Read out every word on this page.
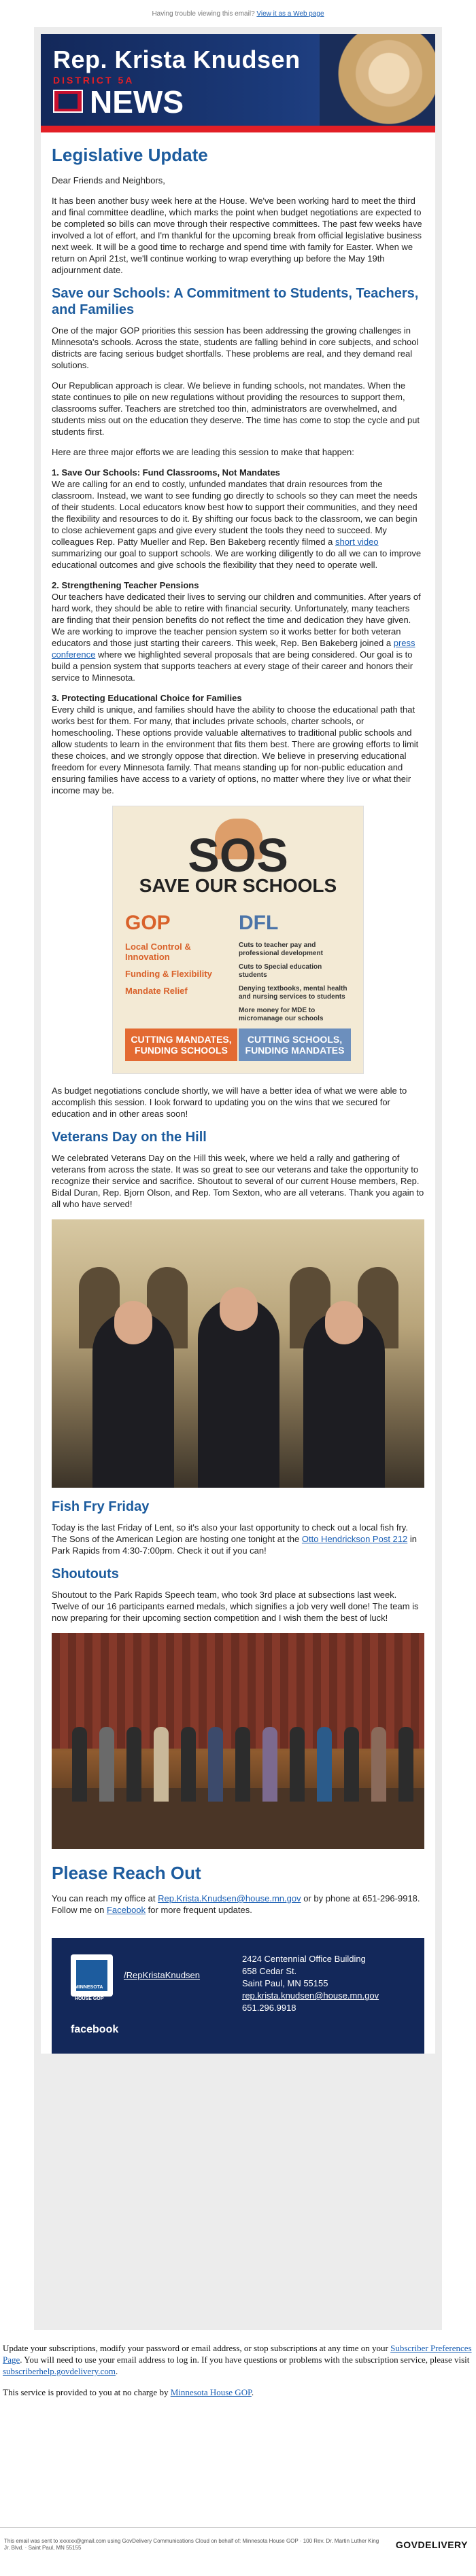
Having trouble viewing this email?
View it as a Web page
Rep. Krista Knudsen
DISTRICT 5A
NEWS
Legislative Update

Dear Friends and Neighbors,

It has been another busy week here at the House. We've been working hard to meet the third and final committee deadline, which marks the point when budget negotiations are expected to be completed so bills can move through their respective committees. The past few weeks have involved a lot of effort, and I'm thankful for the upcoming break from official legislative business next week. It will be a good time to recharge and spend time with family for Easter. When we return on April 21st, we'll continue working to wrap everything up before the May 19th adjournment date.

Save our Schools: A Commitment to Students, Teachers, and Families

One of the major GOP priorities this session has been addressing the growing challenges in Minnesota's schools. Across the state, students are falling behind in core subjects, and school districts are facing serious budget shortfalls. These problems are real, and they demand real solutions.

Our Republican approach is clear. We believe in funding schools, not mandates. When the state continues to pile on new regulations without providing the resources to support them, classrooms suffer. Teachers are stretched too thin, administrators are overwhelmed, and students miss out on the education they deserve. The time has come to stop the cycle and put students first.

Here are three major efforts we are leading this session to make that happen:

1. Save Our Schools: Fund Classrooms, Not Mandates

We are calling for an end to costly, unfunded mandates that drain resources from the classroom. Instead, we want to see funding go directly to schools so they can meet the needs of their students. Local educators know best how to support their communities, and they need the flexibility and resources to do it. By shifting our focus back to the classroom, we can begin to close achievement gaps and give every student the tools they need to succeed. My colleagues Rep. Patty Mueller and Rep. Ben Bakeberg recently filmed a short video summarizing our goal to support schools. We are working diligently to do all we can to improve educational outcomes and give schools the flexibility that they need to operate well.

2. Strengthening Teacher Pensions

Our teachers have dedicated their lives to serving our children and communities. After years of hard work, they should be able to retire with financial security. Unfortunately, many teachers are finding that their pension benefits do not reflect the time and dedication they have given. We are working to improve the teacher pension system so it works better for both veteran educators and those just starting their careers. This week, Rep. Ben Bakeberg joined a press conference where we highlighted several proposals that are being considered. Our goal is to build a pension system that supports teachers at every stage of their career and honors their service to Minnesota.

3. Protecting Educational Choice for Families

Every child is unique, and families should have the ability to choose the educational path that works best for them. For many, that includes private schools, charter schools, or homeschooling. These options provide valuable alternatives to traditional public schools and allow students to learn in the environment that fits them best. There are growing efforts to limit these choices, and we strongly oppose that direction. We believe in preserving educational freedom for every Minnesota family. That means standing up for non-public education and ensuring families have access to a variety of options, no matter where they live or what their income may be.

SOS
SAVE OUR SCHOOLS
GOP
Local Control & Innovation
Funding & Flexibility
Mandate Relief
DFL
Cuts to teacher pay and professional development
Cuts to Special education students
Denying textbooks, mental health and nursing services to students
More money for MDE to micromanage our schools
CUTTING MANDATES, FUNDING SCHOOLS
CUTTING SCHOOLS, FUNDING MANDATES

As budget negotiations conclude shortly, we will have a better idea of what we were able to accomplish this session. I look forward to updating you on the wins that we secured for education and in other areas soon!

Veterans Day on the Hill

We celebrated Veterans Day on the Hill this week, where we held a rally and gathering of veterans from across the state. It was so great to see our veterans and take the opportunity to recognize their service and sacrifice. Shoutout to several of our current House members, Rep. Bidal Duran, Rep. Bjorn Olson, and Rep. Tom Sexton, who are all veterans. Thank you again to all who have served!

Fish Fry Friday

Today is the last Friday of Lent, so it's also your last opportunity to check out a local fish fry. The Sons of the American Legion are hosting one tonight at the Otto Hendrickson Post 212 in Park Rapids from 4:30-7:00pm. Check it out if you can!

Shoutouts

Shoutout to the Park Rapids Speech team, who took 3rd place at subsections last week. Twelve of our 16 participants earned medals, which signifies a job very well done! The team is now preparing for their upcoming section competition and I wish them the best of luck!

Please Reach Out

You can reach my office at Rep.Krista.Knudsen@house.mn.gov or by phone at 651-296-9918. Follow me on Facebook for more frequent updates.

MINNESOTA HOUSE GOP
/RepKristaKnudsen
facebook
2424 Centennial Office Building
658 Cedar St.
Saint Paul, MN 55155
rep.krista.knudsen@house.mn.gov
651.296.9918

Update your subscriptions, modify your password or email address, or stop subscriptions at any time on your Subscriber Preferences Page. You will need to use your email address to log in. If you have questions or problems with the subscription service, please visit subscriberhelp.govdelivery.com.

This service is provided to you at no charge by Minnesota House GOP.

This email was sent to xxxxxx@gmail.com using GovDelivery Communications Cloud on behalf of: Minnesota House GOP · 100 Rev. Dr. Martin Luther King Jr. Blvd. · Saint Paul, MN 55155	GOVDELIVERY
